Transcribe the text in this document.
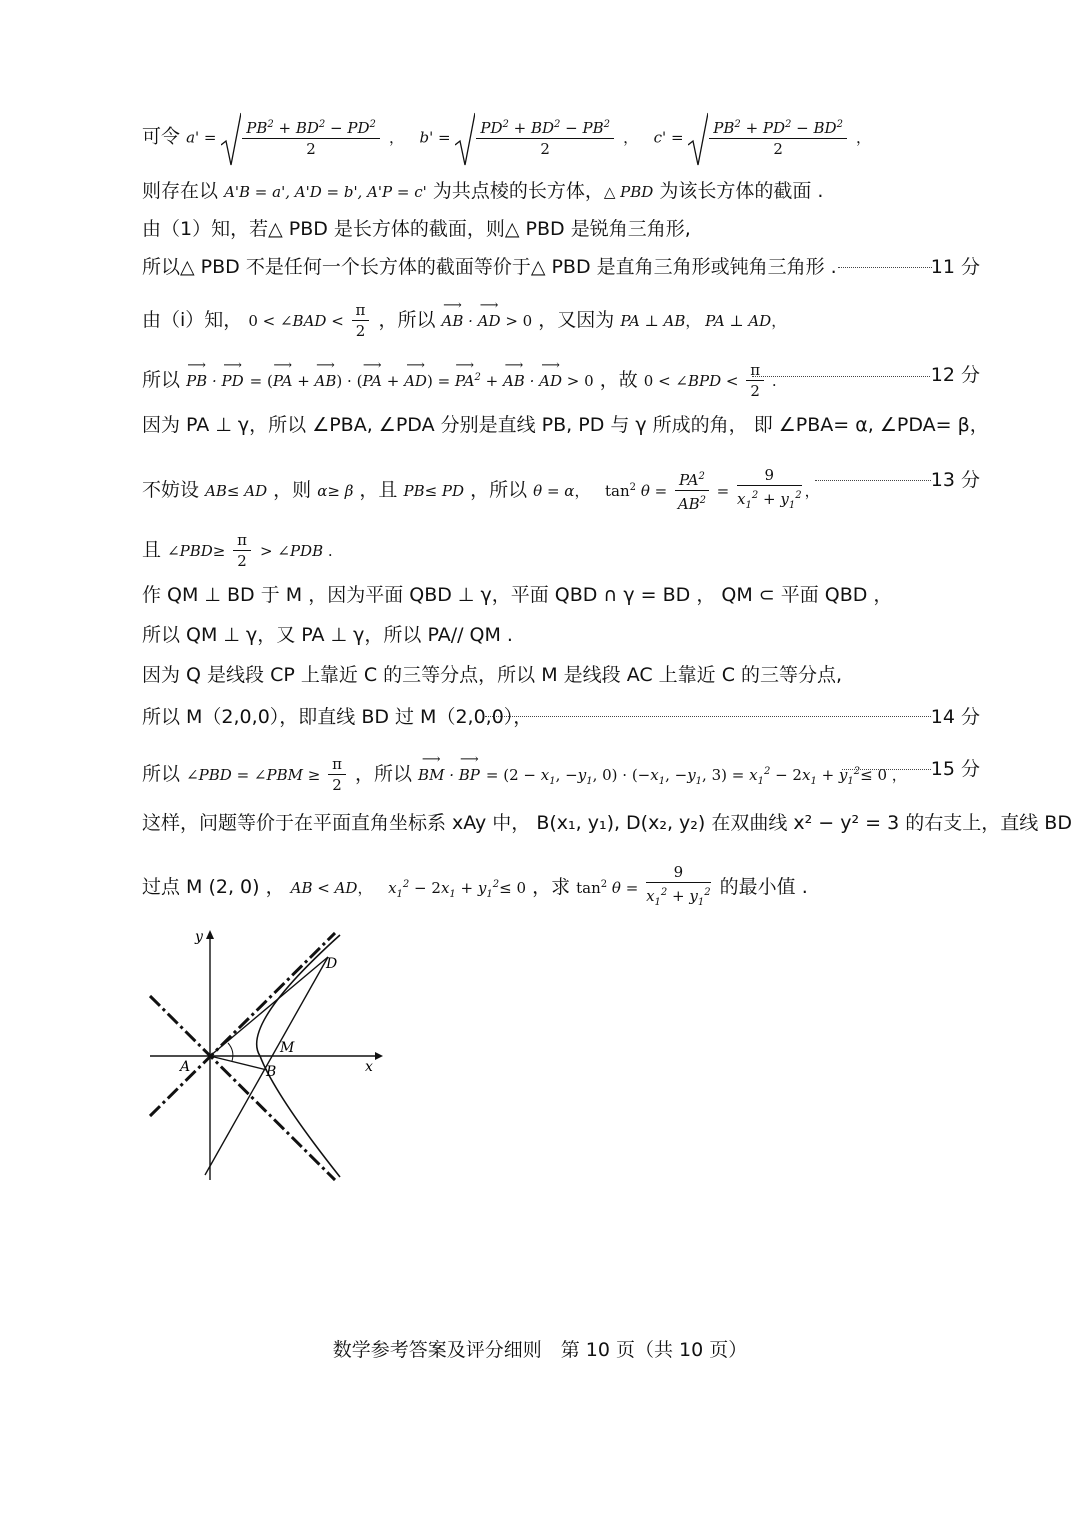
可令 $a' = \frac{PB^2 + BD^2 - PD^2}{2}$ ，   $b' = \frac{PD^2 + BD^2 - PB^2}{2}$ ，   $c' = \frac{PB^2 + PD^2 - BD^2}{2}$ ，
则存在以 A'B = a', A'D = b', A'P = c' 为共点棱的长方体，△ PBD 为该长方体的截面 .
由（1）知，若△ PBD 是长方体的截面，则△ PBD 是锐角三角形,
所以△ PBD 不是任何一个长方体的截面等价于△ PBD 是直角三角形或钝角三角形 .	11 分
由（i）知， 0 < ∠BAD < $\frac{\pi}{2}$ ，所以 ⟶ AB · ⟶ AD > 0 ，又因为 PA ⊥ AB， PA ⊥ AD，
所以 ⟶ PB · ⟶ PD = (⟶ PA + ⟶ AB) · (⟶ PA + ⟶ AD) = ⟶ $PA^2$ + ⟶ AB · ⟶ AD > 0 ，故 0 < ∠BPD < $\frac{\pi}{2}$ .	12 分
因为 PA ⊥ γ，所以 ∠PBA, ∠PDA 分别是直线 PB, PD 与 γ 所成的角， 即 ∠PBA= α, ∠PDA= β，
不妨设 AB≤ AD ，则 α≥ β ，且 PB≤ PD ，所以 θ = α，   $\tan^2 \theta = \frac{PA^2}{AB^2} = \frac{9}{x_1^2 + y_1^2}$ ，	13 分
且 ∠PBD≥ $\frac{\pi}{2}$ > ∠PDB .
作 QM ⊥ BD 于 M ，因为平面 QBD ⊥ γ，平面 QBD ∩ γ = BD ， QM ⊂ 平面 QBD ，
所以 QM ⊥ γ，又 PA ⊥ γ，所以 PA// QM .
因为 Q 是线段 CP 上靠近 C 的三等分点，所以 M 是线段 AC 上靠近 C 的三等分点,
所以 M（2,0,0），即直线 BD 过 M（2,0,0），	14 分
所以 ∠PBD = ∠PBM ≥ $\frac{\pi}{2}$ ，所以 ⟶ BM · ⟶ BP = ($2 - x_1$, $-y_1$, $0) \cdot (-x_1$, $-y_1$, $3) = x_1^2 - 2x_1 + y_1^2\le 0$ ， 15 分
这样，问题等价于在平面直角坐标系 xAy 中， B(x₁, y₁), D(x₂, y₂) 在双曲线 x² − y² = 3 的右支上，直线 BD
过点 M (2, 0) ， AB < AD，   $x_1^2 - 2x_1 + y_1^2\le 0$ ，求 $\tan^2 \theta = \frac{9}{x_1^2 + y_1^2}$ 的最小值 .
y
x
A	B
D
M
数学参考答案及评分细则　第 10 页（共 10 页）
